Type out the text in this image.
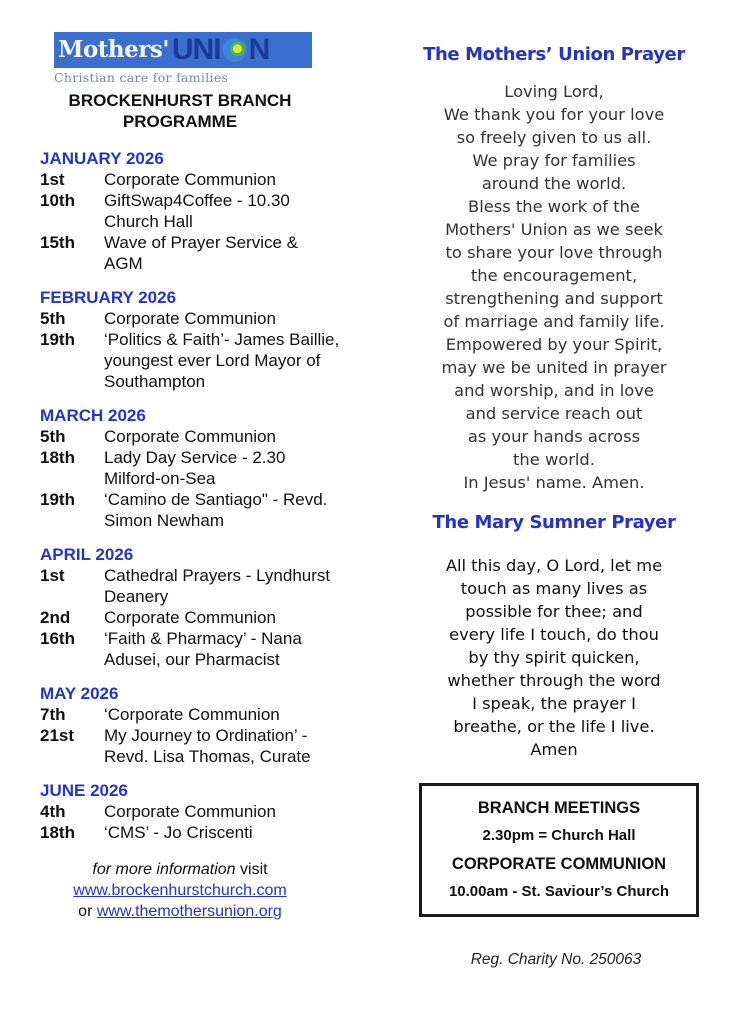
Mothers' UNI N
Christian care for families
BROCKENHURST BRANCH
PROGRAMME
JANUARY 2026
1st	Corporate Communion
10th	GiftSwap4Coffee - 10.30 Church Hall
15th	Wave of Prayer Service & AGM
FEBRUARY 2026
5th	Corporate Communion
19th	‘Politics & Faith’- James Baillie, youngest ever Lord Mayor of Southampton
MARCH 2026
5th	Corporate Communion
18th	Lady Day Service - 2.30 Milford-on-Sea
19th	‘Camino de Santiago" - Revd. Simon Newham
APRIL 2026
1st	Cathedral Prayers - Lyndhurst Deanery
2nd	Corporate Communion
16th	‘Faith & Pharmacy’ - Nana Adusei, our Pharmacist
MAY 2026
7th	‘Corporate Communion
21st	My Journey to Ordination’ - Revd. Lisa Thomas, Curate
JUNE 2026
4th	Corporate Communion
18th	‘CMS’ - Jo Criscenti
for more information visit
www.brockenhurstchurch.com
or www.themothersunion.org
The Mothers’ Union Prayer
Loving Lord,
We thank you for your love
so freely given to us all.
We pray for families
around the world.
Bless the work of the
Mothers' Union as we seek
to share your love through
the encouragement,
strengthening and support
of marriage and family life.
Empowered by your Spirit,
may we be united in prayer
and worship, and in love
and service reach out
as your hands across
the world.
In Jesus' name. Amen.
The Mary Sumner Prayer
All this day, O Lord, let me
touch as many lives as
possible for thee; and
every life I touch, do thou
by thy spirit quicken,
whether through the word
I speak, the prayer I
breathe, or the life I live.
Amen
BRANCH MEETINGS
2.30pm = Church Hall
CORPORATE COMMUNION
10.00am - St. Saviour’s Church
Reg. Charity No. 250063
